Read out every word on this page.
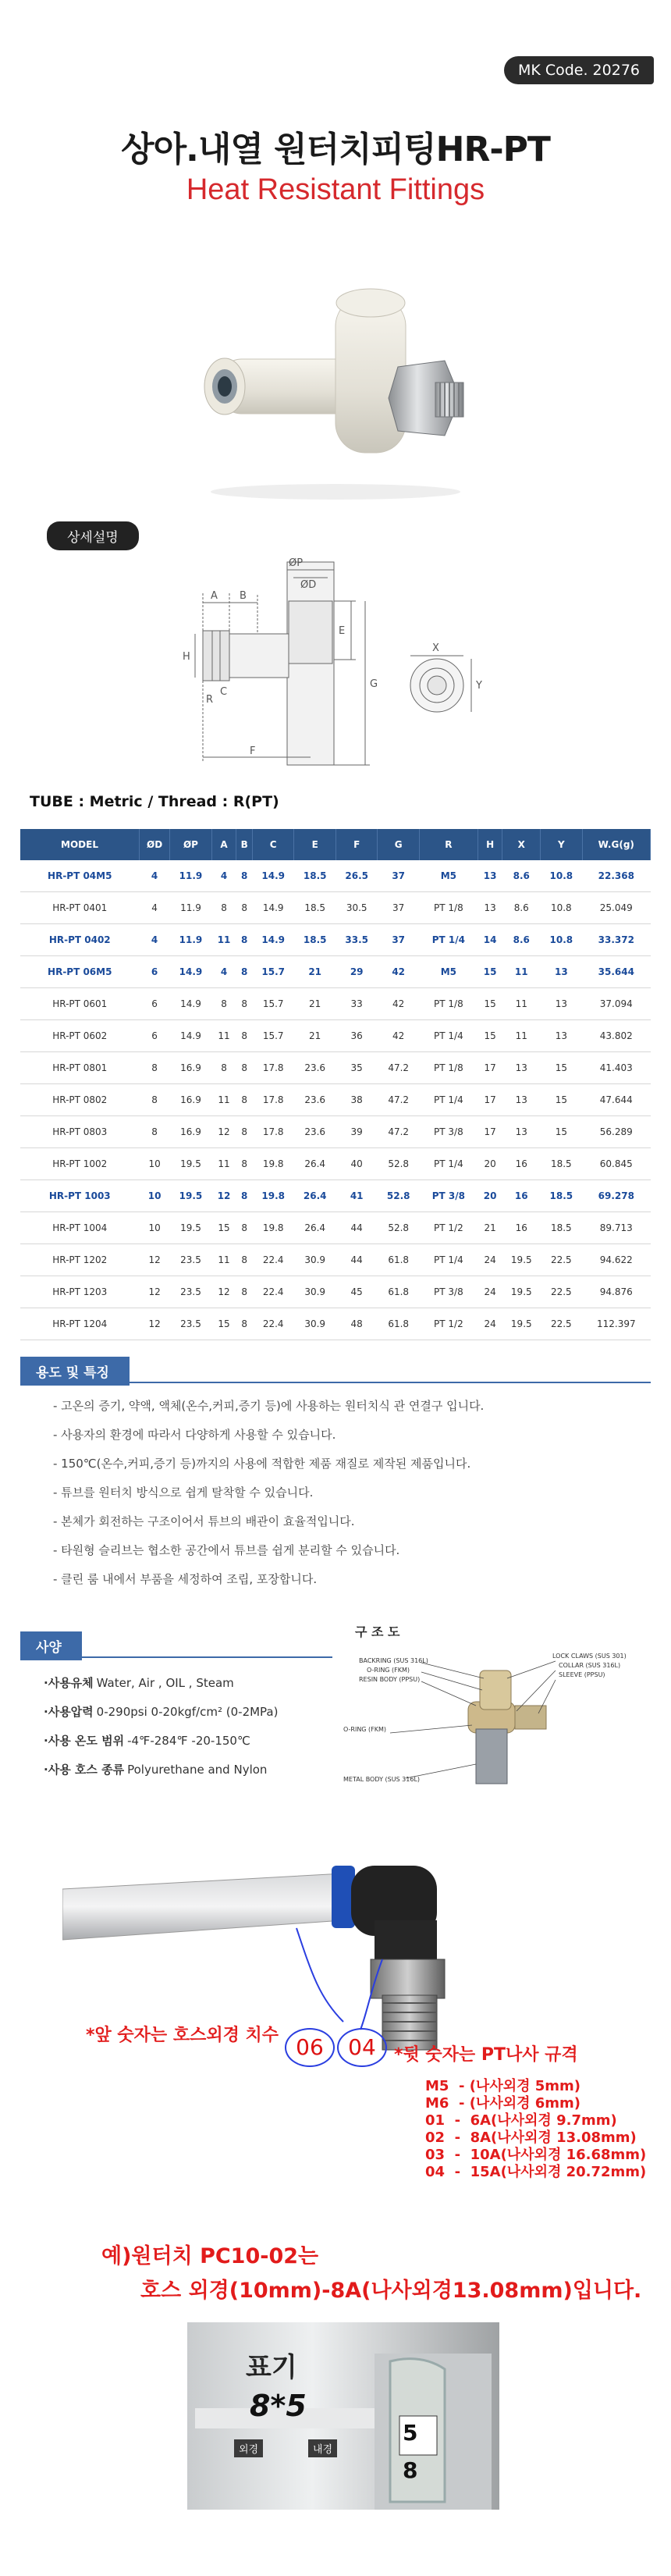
MK Code. 20276
상아.내열 원터치피팅HR-PT
Heat Resistant Fittings
상세설명
ØP
ØD
A B
E
G
H
R
F
X
Y
C
TUBE : Metric / Thread : R(PT)
MODEL	ØD	ØP	A	B	C	E	F	G	R	H	X	Y	W.G(g)
HR-PT 04M5	4	11.9	4	8	14.9	18.5	26.5	37	M5	13	8.6	10.8	22.368
HR-PT 0401	4	11.9	8	8	14.9	18.5	30.5	37	PT 1/8	13	8.6	10.8	25.049
HR-PT 0402	4	11.9	11	8	14.9	18.5	33.5	37	PT 1/4	14	8.6	10.8	33.372
HR-PT 06M5	6	14.9	4	8	15.7	21	29	42	M5	15	11	13	35.644
HR-PT 0601	6	14.9	8	8	15.7	21	33	42	PT 1/8	15	11	13	37.094
HR-PT 0602	6	14.9	11	8	15.7	21	36	42	PT 1/4	15	11	13	43.802
HR-PT 0801	8	16.9	8	8	17.8	23.6	35	47.2	PT 1/8	17	13	15	41.403
HR-PT 0802	8	16.9	11	8	17.8	23.6	38	47.2	PT 1/4	17	13	15	47.644
HR-PT 0803	8	16.9	12	8	17.8	23.6	39	47.2	PT 3/8	17	13	15	56.289
HR-PT 1002	10	19.5	11	8	19.8	26.4	40	52.8	PT 1/4	20	16	18.5	60.845
HR-PT 1003	10	19.5	12	8	19.8	26.4	41	52.8	PT 3/8	20	16	18.5	69.278
HR-PT 1004	10	19.5	15	8	19.8	26.4	44	52.8	PT 1/2	21	16	18.5	89.713
HR-PT 1202	12	23.5	11	8	22.4	30.9	44	61.8	PT 1/4	24	19.5	22.5	94.622
HR-PT 1203	12	23.5	12	8	22.4	30.9	45	61.8	PT 3/8	24	19.5	22.5	94.876
HR-PT 1204	12	23.5	15	8	22.4	30.9	48	61.8	PT 1/2	24	19.5	22.5	112.397
용도 및 특징
- 고온의 증기, 약액, 액체(온수,커피,증기 등)에 사용하는 원터치식 관 연결구 입니다.
- 사용자의 환경에 따라서 다양하게 사용할 수 있습니다.
- 150℃(온수,커피,증기 등)까지의 사용에 적합한 제품 재질로 제작된 제품입니다.
- 튜브를 원터치 방식으로 쉽게 탈착할 수 있습니다.
- 본체가 회전하는 구조이어서 튜브의 배관이 효율적입니다.
- 타원형 슬리브는 협소한 공간에서 튜브를 쉽게 분리할 수 있습니다.
- 클린 룸 내에서 부품을 세정하여 조립, 포장합니다.
사양
·사용유체 Water, Air , OIL , Steam
·사용압력 0-290psi 0-20kgf/cm² (0-2MPa)
·사용 온도 범위 -4℉-284℉ -20-150℃
·사용 호스 종류 Polyurethane and Nylon
구 조 도
BACKRING (SUS 316L)
O-RING (FKM)
RESIN BODY (PPSU)
LOCK CLAWS (SUS 301)
COLLAR (SUS 316L)
SLEEVE (PPSU)
O-RING (FKM)
METAL BODY (SUS 316L)
*앞 숫자는 호스외경 치수 06	04	*뒷 숫자는 PT나사 규격
M5  - (나사외경 5mm)
M6  - (나사외경 6mm)
01  -  6A(나사외경 9.7mm)
02  -  8A(나사외경 13.08mm)
03  -  10A(나사외경 16.68mm)
04  -  15A(나사외경 20.72mm)
예)원터치 PC10-02는
호스 외경(10mm)-8A(나사외경13.08mm)입니다.
표기
8*5
외경	내경
5
8
